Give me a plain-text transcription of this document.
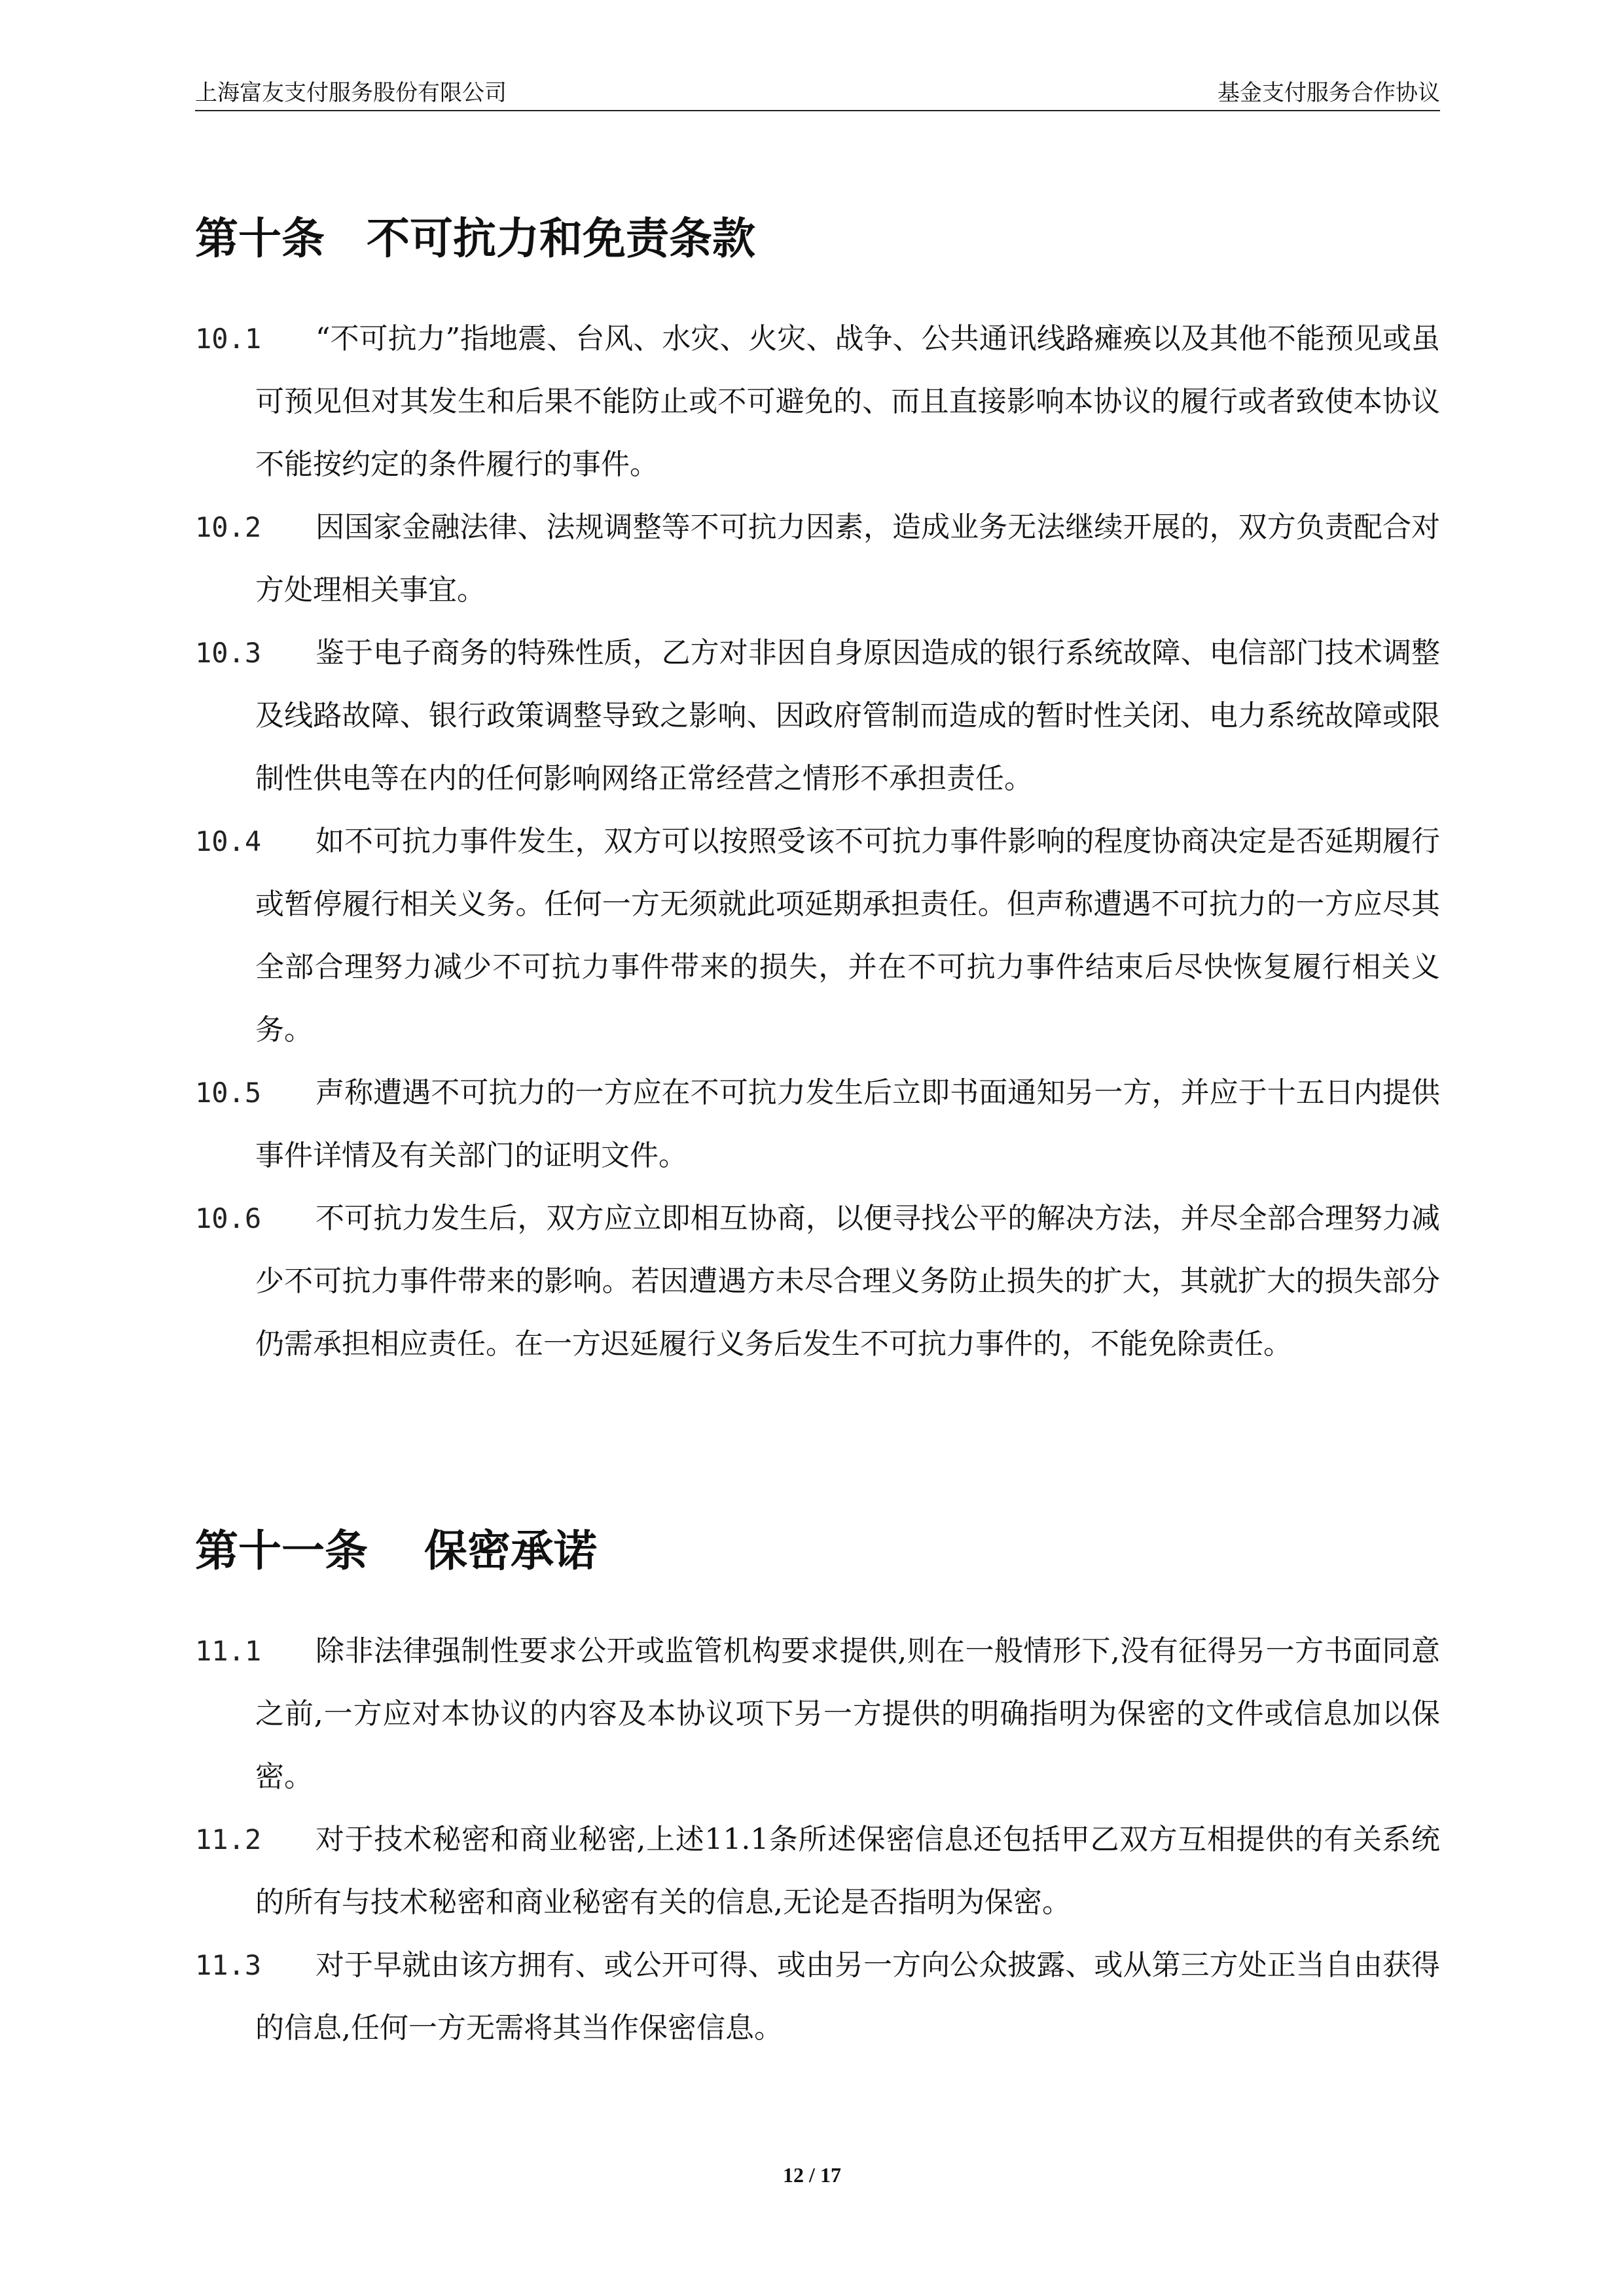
上海富友支付服务股份有限公司	基金支付服务合作协议
第十条 不可抗力和免责条款
10.1	“不可抗力”指地震、台风、水灾、火灾、战争、公共通讯线路瘫痪以及其他不能预见或虽可预见但对其发生和后果不能防止或不可避免的、而且直接影响本协议的履行或者致使本协议不能按约定的条件履行的事件。
10.2	因国家金融法律、法规调整等不可抗力因素，造成业务无法继续开展的，双方负责配合对方处理相关事宜。
10.3	鉴于电子商务的特殊性质，乙方对非因自身原因造成的银行系统故障、电信部门技术调整及线路故障、银行政策调整导致之影响、因政府管制而造成的暂时性关闭、电力系统故障或限制性供电等在内的任何影响网络正常经营之情形不承担责任。
10.4	如不可抗力事件发生，双方可以按照受该不可抗力事件影响的程度协商决定是否延期履行或暂停履行相关义务。任何一方无须就此项延期承担责任。但声称遭遇不可抗力的一方应尽其全部合理努力减少不可抗力事件带来的损失，并在不可抗力事件结束后尽快恢复履行相关义务。
10.5	声称遭遇不可抗力的一方应在不可抗力发生后立即书面通知另一方，并应于十五日内提供事件详情及有关部门的证明文件。
10.6	不可抗力发生后，双方应立即相互协商，以便寻找公平的解决方法，并尽全部合理努力减少不可抗力事件带来的影响。若因遭遇方未尽合理义务防止损失的扩大，其就扩大的损失部分仍需承担相应责任。在一方迟延履行义务后发生不可抗力事件的，不能免除责任。
第十一条 保密承诺
11.1	除非法律强制性要求公开或监管机构要求提供,则在一般情形下,没有征得另一方书面同意之前,一方应对本协议的内容及本协议项下另一方提供的明确指明为保密的文件或信息加以保密。
11.2	对于技术秘密和商业秘密,上述11.1条所述保密信息还包括甲乙双方互相提供的有关系统的所有与技术秘密和商业秘密有关的信息,无论是否指明为保密。
11.3	对于早就由该方拥有、或公开可得、或由另一方向公众披露、或从第三方处正当自由获得的信息,任何一方无需将其当作保密信息。
12 / 17
